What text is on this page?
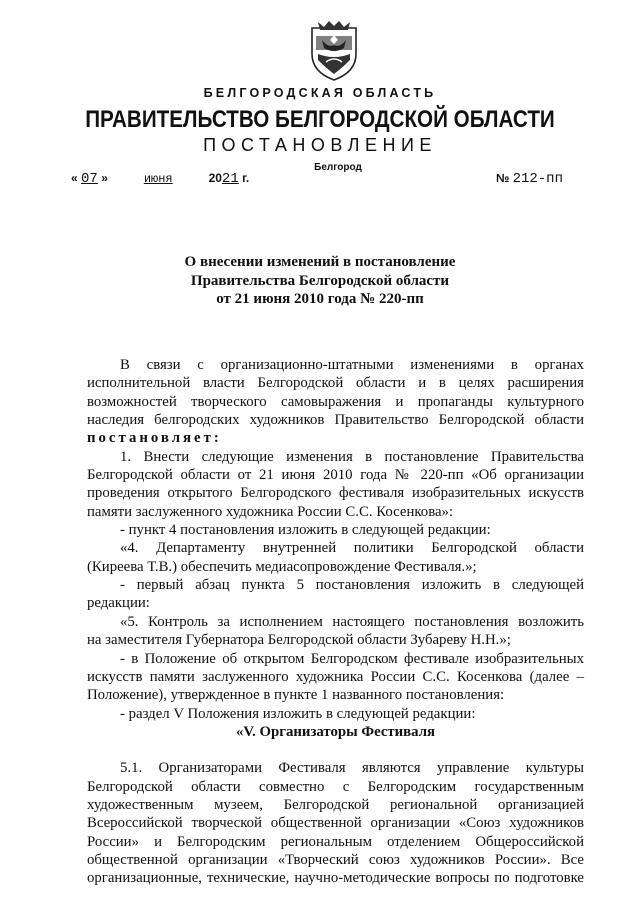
БЕЛГОРОДСКАЯ ОБЛАСТЬ
ПРАВИТЕЛЬСТВО БЕЛГОРОДСКОЙ ОБЛАСТИ
ПОСТАНОВЛЕНИЕ
Белгород
« 07 »	июня	2021 г.	№ 212-пп
О внесении изменений в постановление
Правительства Белгородской области
от 21 июня 2010 года № 220-пп

В связи с организационно-штатными изменениями в органах

исполнительной власти Белгородской области и в целях расширения

возможностей творческого самовыражения и пропаганды культурного

наследия белгородских художников Правительство Белгородской области

постановляет:

1. Внести следующие изменения в постановление Правительства

Белгородской области от 21 июня 2010 года № 220-пп «Об организации

проведения открытого Белгородского фестиваля изобразительных искусств

памяти заслуженного художника России С.С. Косенкова»:

- пункт 4 постановления изложить в следующей редакции:

«4. Департаменту внутренней политики Белгородской области

(Киреева Т.В.) обеспечить медиасопровождение Фестиваля.»;

- первый абзац пункта 5 постановления изложить в следующей редакции:

«5. Контроль за исполнением настоящего постановления возложить

на заместителя Губернатора Белгородской области Зубареву Н.Н.»;

- в Положение об открытом Белгородском фестивале изобразительных

искусств памяти заслуженного художника России С.С. Косенкова (далее –

Положение), утвержденное в пункте 1 названного постановления:

- раздел V Положения изложить в следующей редакции:

«V. Организаторы Фестиваля

5.1. Организаторами Фестиваля являются управление культуры

Белгородской области совместно с Белгородским государственным

художественным музеем, Белгородской региональной организацией

Всероссийской творческой общественной организации «Союз художников

России» и Белгородским региональным отделением Общероссийской

общественной организации «Творческий союз художников России». Все

организационные, технические, научно-методические вопросы по подготовке
